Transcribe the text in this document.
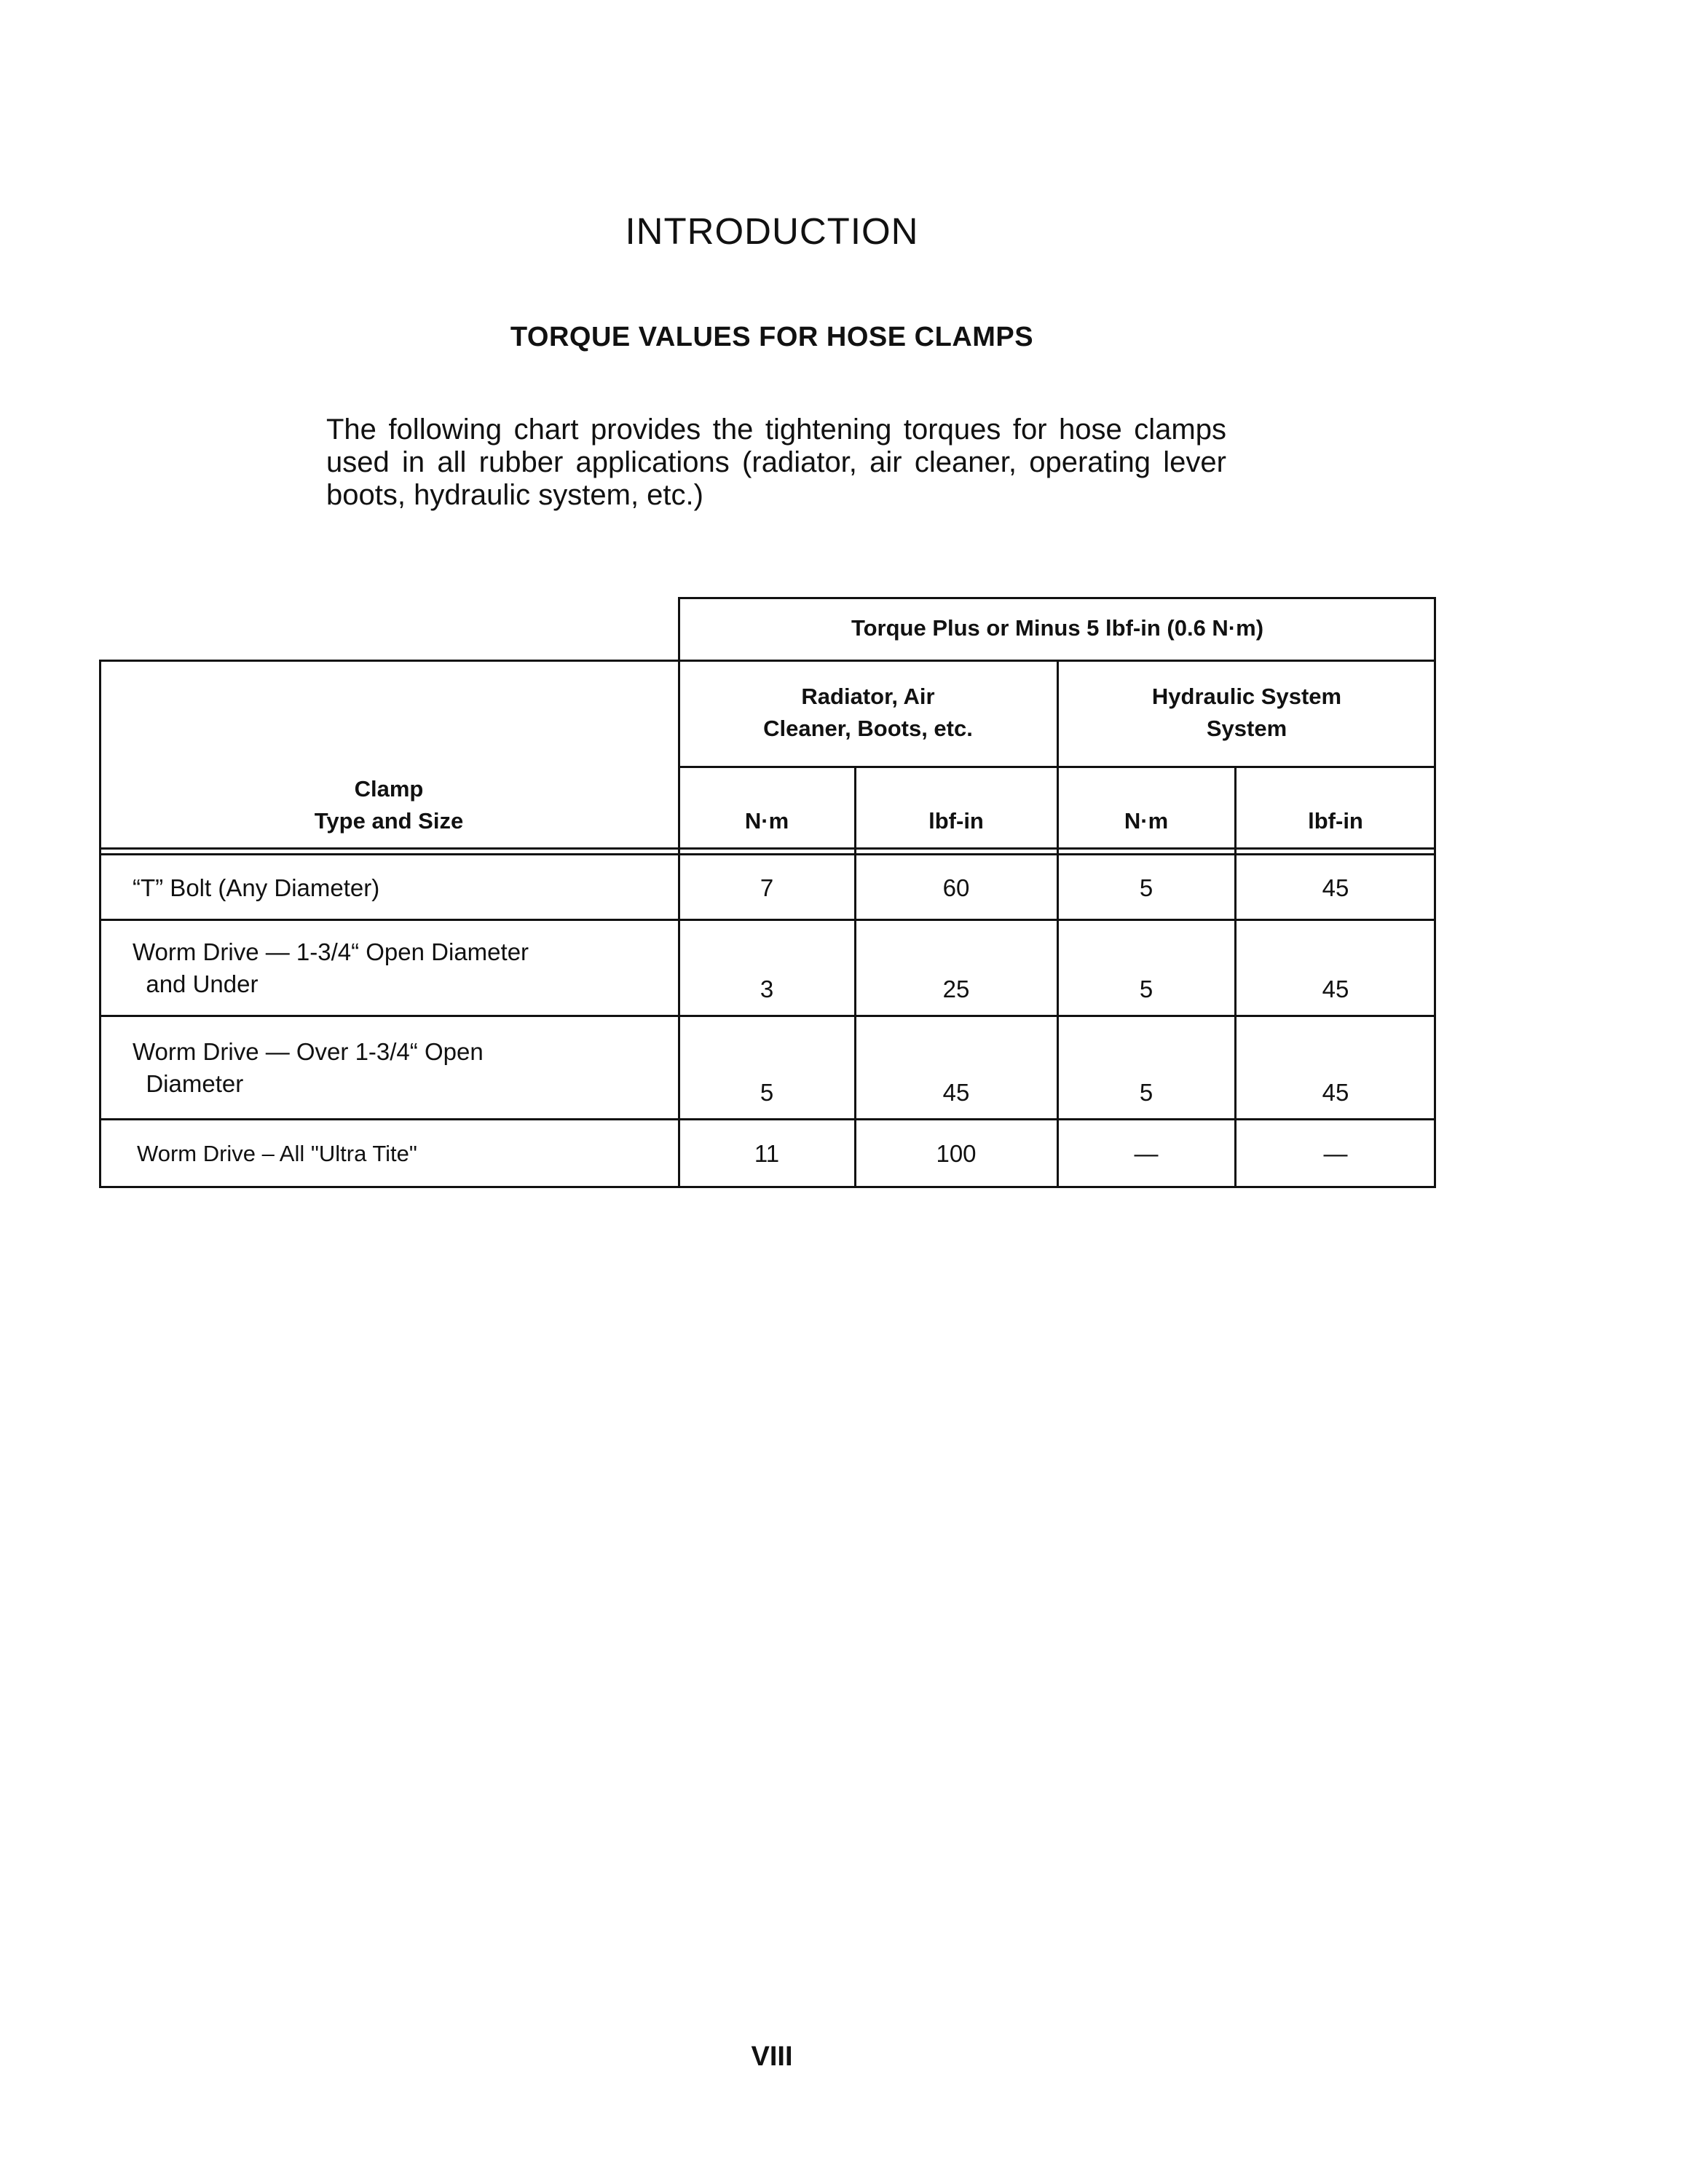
INTRODUCTION
TORQUE VALUES FOR HOSE CLAMPS
The following chart provides the tightening torques for hose clamps used in all rubber applications (radiator, air cleaner, operating lever boots, hydraulic system, etc.)
Torque Plus or Minus 5 lbf-in (0.6 N·m)
Radiator, Air
Cleaner, Boots, etc.
Hydraulic System
System
Clamp
Type and Size	N·m	lbf-in	N·m	lbf-in
“T” Bolt (Any Diameter)	7	60	5	45
Worm Drive — 1-3/4“ Open Diameter
and Under	3	25	5	45
Worm Drive — Over 1-3/4“ Open
Diameter	5	45	5	45
Worm Drive – All "Ultra Tite"	11	100	—	—
VIII
